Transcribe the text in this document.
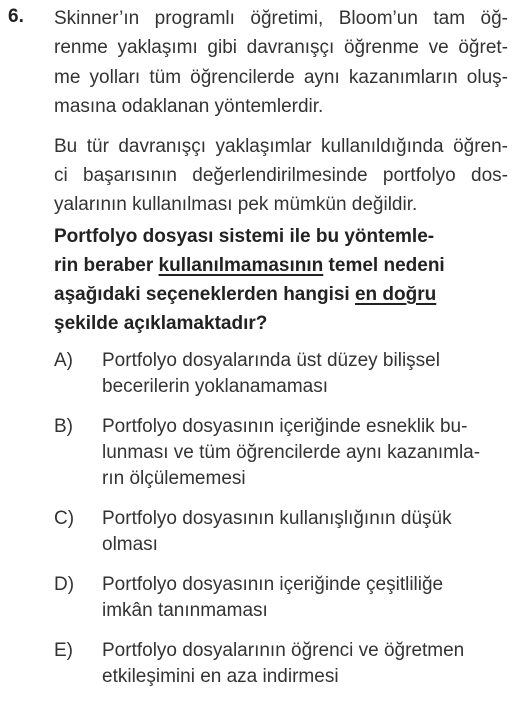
6. Skinner’ın programlı öğretimi, Bloom’un tam öğ-
renme yaklaşımı gibi davranışçı öğrenme ve öğret-
me yolları tüm öğrencilerde aynı kazanımların oluş-
masına odaklanan yöntemlerdir.

Bu tür davranışçı yaklaşımlar kullanıldığında öğren-
ci başarısının değerlendirilmesinde portfolyo dos-
yalarının kullanılması pek mümkün değildir.

Portfolyo dosyası sistemi ile bu yöntemle-
rin beraber kullanılmamasının temel nedeni
aşağıdaki seçeneklerden hangisi en doğru
şekilde açıklamaktadır?

A) Portfolyo dosyalarında üst düzey bilişsel
becerilerin yoklanamaması
B) Portfolyo dosyasının içeriğinde esneklik bu-
lunması ve tüm öğrencilerde aynı kazanımla-
rın ölçülememesi
C) Portfolyo dosyasının kullanışlığının düşük
olması
D) Portfolyo dosyasının içeriğinde çeşitliliğe
imkân tanınmaması
E) Portfolyo dosyalarının öğrenci ve öğretmen
etkileşimini en aza indirmesi
